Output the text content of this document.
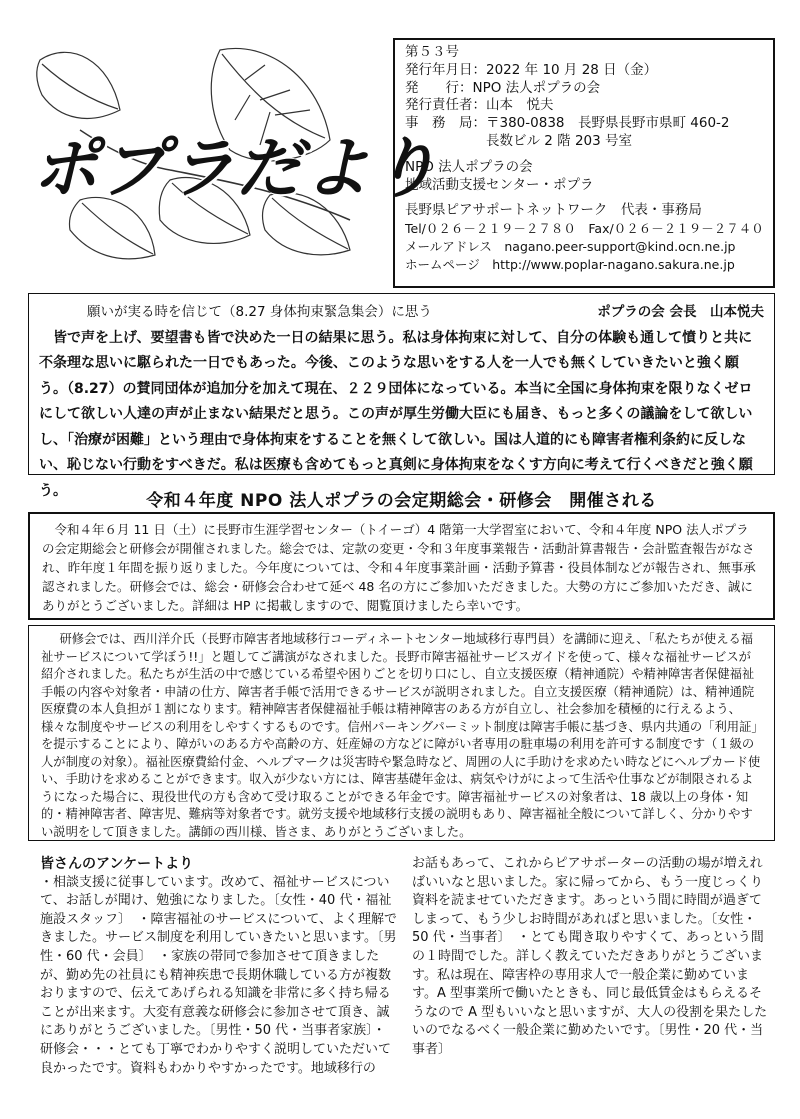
ポプラだより
第５３号
発行年月日：2022 年 10 月 28 日（金）
発　　行：NPO 法人ポプラの会
発行責任者：山本　悦夫
事　務　局：〒380-0838　長野県長野市県町 460-2
　　　　　　長数ビル 2 階 203 号室
NPO 法人ポプラの会
地域活動支援センター・ポプラ
長野県ピアサポートネットワーク　代表・事務局
Tel/０２６－２１９－２７８０　Fax/０２６－２１９－２７４０
メールアドレス　nagano.peer-support@kind.ocn.ne.jp
ホームページ　http://www.poplar-nagano.sakura.ne.jp
願いが実る時を信じて（8.27 身体拘束緊急集会）に思う	ポプラの会 会長　山本悦夫

皆で声を上げ、要望書も皆で決めた一日の結果に思う。私は身体拘束に対して、自分の体験も通して憤りと共に不条理な思いに駆られた一日でもあった。今後、このような思いをする人を一人でも無くしていきたいと強く願う。（8.27）の賛同団体が追加分を加えて現在、２２９団体になっている。本当に全国に身体拘束を限りなくゼロにして欲しい人達の声が止まない結果だと思う。この声が厚生労働大臣にも届き、もっと多くの議論をして欲しいし、「治療が困難」という理由で身体拘束をすることを無くして欲しい。国は人道的にも障害者権利条約に反しない、恥じない行動をすべきだ。私は医療も含めてもっと真剣に身体拘束をなくす方向に考えて行くべきだと強く願う。

令和４年度 NPO 法人ポプラの会定期総会・研修会　開催される
令和４年６月 11 日（土）に長野市生涯学習センター（トイーゴ）4 階第一大学習室において、令和４年度 NPO 法人ポプラの会定期総会と研修会が開催されました。総会では、定款の変更・令和３年度事業報告・活動計算書報告・会計監査報告がなされ、昨年度１年間を振り返りました。今年度については、令和４年度事業計画・活動予算書・役員体制などが報告され、無事承認されました。研修会では、総会・研修会合わせて延べ 48 名の方にご参加いただきました。大勢の方にご参加いただき、誠にありがとうございました。詳細は HP に掲載しますので、閲覧頂けましたら幸いです。
研修会では、西川洋介氏（長野市障害者地域移行コーディネートセンター地域移行専門員）を講師に迎え、「私たちが使える福祉サービスについて学ぼう!!」と題してご講演がなされました。長野市障害福祉サービスガイドを使って、様々な福祉サービスが紹介されました。私たちが生活の中で感じている希望や困りごとを切り口にし、自立支援医療（精神通院）や精神障害者保健福祉手帳の内容や対象者・申請の仕方、障害者手帳で活用できるサービスが説明されました。自立支援医療（精神通院）は、精神通院医療費の本人負担が１割になります。精神障害者保健福祉手帳は精神障害のある方が自立し、社会参加を積極的に行えるよう、様々な制度やサービスの利用をしやすくするものです。信州パーキングパーミット制度は障害手帳に基づき、県内共通の「利用証」を提示することにより、障がいのある方や高齢の方、妊産婦の方などに障がい者専用の駐車場の利用を許可する制度です（１級の人が制度の対象）。福祉医療費給付金、ヘルプマークは災害時や緊急時など、周囲の人に手助けを求めたい時などにヘルプカード使い、手助けを求めることができます。収入が少ない方には、障害基礎年金は、病気やけがによって生活や仕事などが制限されるようになった場合に、現役世代の方も含めて受け取ることができる年金です。障害福祉サービスの対象者は、18 歳以上の身体・知的・精神障害者、障害児、難病等対象者です。就労支援や地域移行支援の説明もあり、障害福祉全般について詳しく、分かりやすい説明をして頂きました。講師の西川様、皆さま、ありがとうございました。

皆さんのアンケートより

・相談支援に従事しています。改めて、福祉サービスについて、お話しが聞け、勉強になりました。〔女性・40 代・福祉施設スタッフ〕　・障害福祉のサービスについて、よく理解できました。サービス制度を利用していきたいと思います。〔男性・60 代・会員〕　・家族の帯同で参加させて頂きましたが、勤め先の社員にも精神疾患で長期休職している方が複数おりますので、伝えてあげられる知識を非常に多く持ち帰ることが出来ます。大変有意義な研修会に参加させて頂き、誠にありがとうございました。〔男性・50 代・当事者家族〕・研修会・・・とても丁寧でわかりやすく説明していただいて良かったです。資料もわかりやすかったです。地域移行の

お話もあって、これからピアサポーターの活動の場が増えればいいなと思いました。家に帰ってから、もう一度じっくり資料を読ませていただきます。あっという間に時間が過ぎてしまって、もう少しお時間があればと思いました。〔女性・50 代・当事者〕　・とても聞き取りやすくて、あっという間の１時間でした。詳しく教えていただきありがとうございます。私は現在、障害枠の専用求人で一般企業に勤めています。A 型事業所で働いたときも、同じ最低賃金はもらえるそうなので A 型もいいなと思いますが、大人の役割を果たしたいのでなるべく一般企業に勤めたいです。〔男性・20 代・当事者〕
